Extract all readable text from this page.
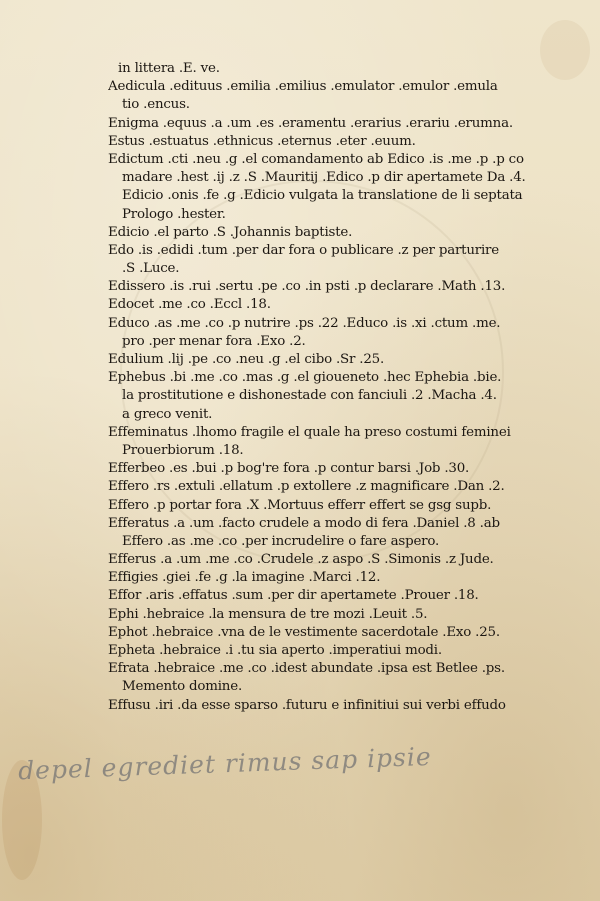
in littera .E. ve.
Aedicula .edituus .emilia .emilius .emulator .emulor .emula
tio .encus.
Enigma .equus .a .um .es .eramentu .erarius .erariu .erumna.
Estus .estuatus .ethnicus .eternus .eter .euum.
Edictum .cti .neu .g .el comandamento ab Edico .is .me .p .p co
madare .hest .ij .z .S .Mauritij .Edico .p dir apertamete Da .4.
Edicio .onis .fe .g .Edicio vulgata la translatione de li septata
Prologo .hester.
Edicio .el parto .S .Johannis baptiste.
Edo .is .edidi .tum .per dar fora o publicare .z per parturire
.S .Luce.
Edissero .is .rui .sertu .pe .co .in psti .p declarare .Math .13.
Edocet .me .co .Eccl .18.
Educo .as .me .co .p nutrire .ps .22 .Educo .is .xi .ctum .me.
pro .per menar fora .Exo .2.
Edulium .lij .pe .co .neu .g .el cibo .Sr .25.
Ephebus .bi .me .co .mas .g .el gioueneto .hec Ephebia .bie.
la prostitutione e dishonestade con fanciuli .2 .Macha .4.
a greco venit.
Effeminatus .lhomo fragile el quale ha preso costumi feminei
Prouerbiorum .18.
Efferbeo .es .bui .p bog're fora .p contur barsi .Job .30.
Effero .rs .extuli .ellatum .p extollere .z magnificare .Dan .2.
Effero .p portar fora .X .Mortuus efferr effert se gsg supb.
Efferatus .a .um .facto crudele a modo di fera .Daniel .8 .ab
Effero .as .me .co .per incrudelire o fare aspero.
Efferus .a .um .me .co .Crudele .z aspo .S .Simonis .z Jude.
Effigies .giei .fe .g .la imagine .Marci .12.
Effor .aris .effatus .sum .per dir apertamete .Prouer .18.
Ephi .hebraice .la mensura de tre mozi .Leuit .5.
Ephot .hebraice .vna de le vestimente sacerdotale .Exo .25.
Epheta .hebraice .i .tu sia aperto .imperatiui modi.
Efrata .hebraice .me .co .idest abundate .ipsa est Betlee .ps.
Memento domine.
Effusu .iri .da esse sparso .futuru e infinitiui sui verbi effudo
depel egrediet rimus sap ipsie
